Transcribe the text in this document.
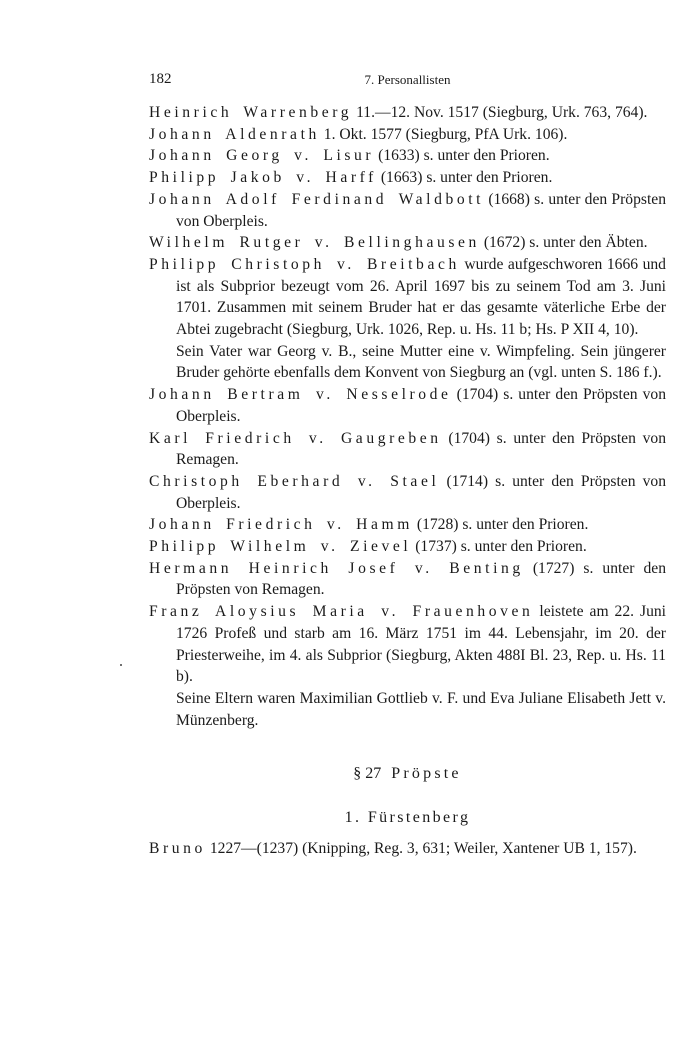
182	7. Personallisten
Heinrich Warrenberg 11.—12. Nov. 1517 (Siegburg, Urk. 763, 764).
Johann Aldenrath 1. Okt. 1577 (Siegburg, PfA Urk. 106).
Johann Georg v. Lisur (1633) s. unter den Prioren.
Philipp Jakob v. Harff (1663) s. unter den Prioren.
Johann Adolf Ferdinand Waldbott (1668) s. unter den Pröpsten von Oberpleis.
Wilhelm Rutger v. Bellinghausen (1672) s. unter den Äbten.
Philipp Christoph v. Breitbach wurde aufgeschworen 1666 und ist als Subprior bezeugt vom 26. April 1697 bis zu seinem Tod am 3. Juni 1701. Zusammen mit seinem Bruder hat er das gesamte väterliche Erbe der Abtei zugebracht (Siegburg, Urk. 1026, Rep. u. Hs. 11 b; Hs. P XII 4, 10).

Sein Vater war Georg v. B., seine Mutter eine v. Wimpfeling. Sein jüngerer Bruder gehörte ebenfalls dem Konvent von Siegburg an (vgl. unten S. 186 f.).

Johann Bertram v. Nesselrode (1704) s. unter den Pröpsten von Oberpleis.
Karl Friedrich v. Gaugreben (1704) s. unter den Pröpsten von Remagen.
Christoph Eberhard v. Stael (1714) s. unter den Pröpsten von Oberpleis.
Johann Friedrich v. Hamm (1728) s. unter den Prioren.
Philipp Wilhelm v. Zievel (1737) s. unter den Prioren.
Hermann Heinrich Josef v. Benting (1727) s. unter den Pröpsten von Remagen.
Franz Aloysius Maria v. Frauenhoven leistete am 22. Juni 1726 Profeß und starb am 16. März 1751 im 44. Lebensjahr, im 20. der Priesterweihe, im 4. als Subprior (Siegburg, Akten 488I Bl. 23, Rep. u. Hs. 11 b).

Seine Eltern waren Maximilian Gottlieb v. F. und Eva Juliane Elisabeth Jett v. Münzenberg.

§ 27 Pröpste
1. Fürstenberg
Bruno 1227—(1237) (Knipping, Reg. 3, 631; Weiler, Xantener UB 1, 157).
